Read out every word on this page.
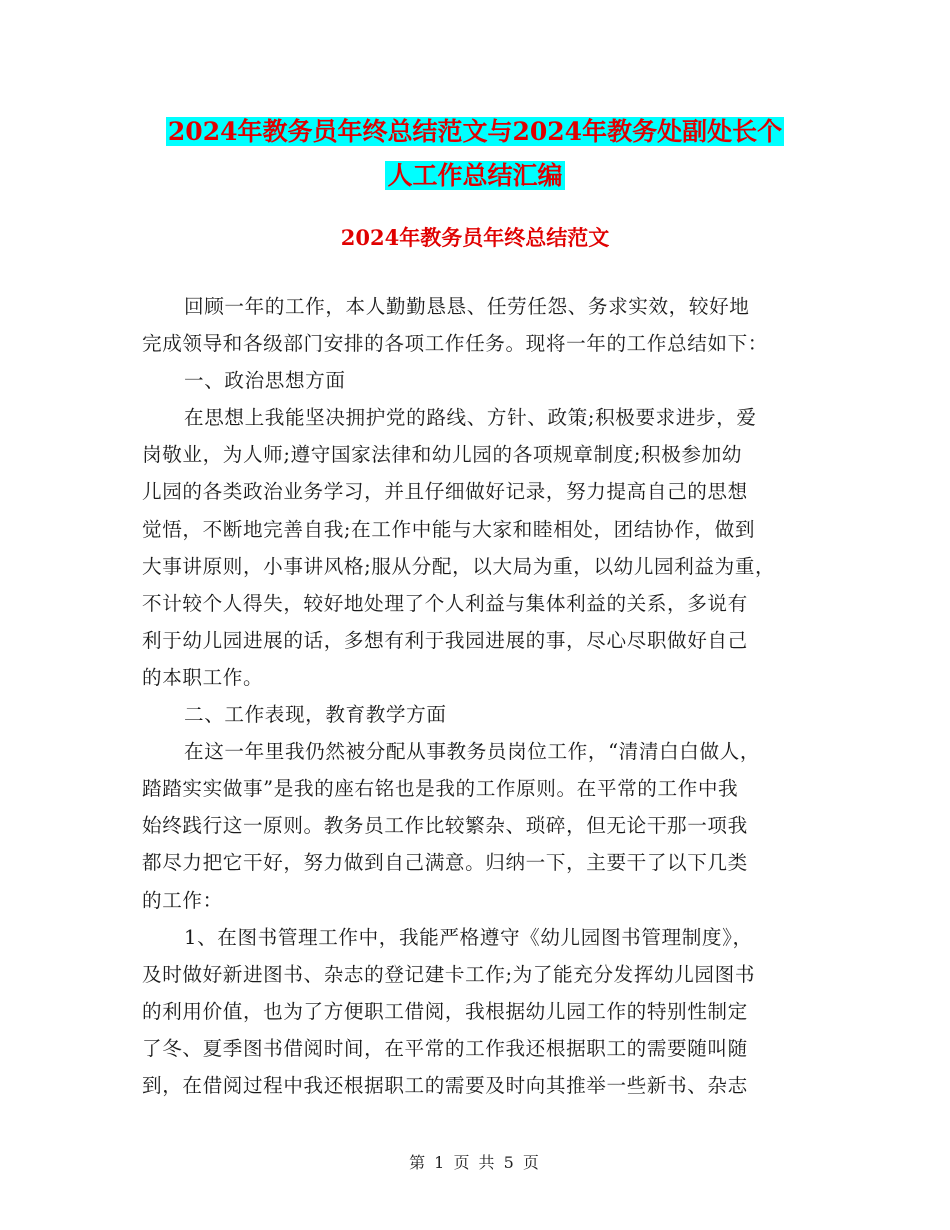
2024年教务员年终总结范文与2024年教务处副处长个
人工作总结汇编
2024年教务员年终总结范文
回顾一年的工作，本人勤勤恳恳、任劳任怨、务求实效，较好地
完成领导和各级部门安排的各项工作任务。现将一年的工作总结如下：
一、政治思想方面
在思想上我能坚决拥护党的路线、方针、政策;积极要求进步，爱
岗敬业，为人师;遵守国家法律和幼儿园的各项规章制度;积极参加幼
儿园的各类政治业务学习，并且仔细做好记录，努力提高自己的思想
觉悟，不断地完善自我;在工作中能与大家和睦相处，团结协作，做到
大事讲原则，小事讲风格;服从分配，以大局为重，以幼儿园利益为重，
不计较个人得失，较好地处理了个人利益与集体利益的关系，多说有
利于幼儿园进展的话，多想有利于我园进展的事，尽心尽职做好自己
的本职工作。
二、工作表现，教育教学方面
在这一年里我仍然被分配从事教务员岗位工作，“清清白白做人，
踏踏实实做事”是我的座右铭也是我的工作原则。在平常的工作中我
始终践行这一原则。教务员工作比较繁杂、琐碎，但无论干那一项我
都尽力把它干好，努力做到自己满意。归纳一下，主要干了以下几类
的工作：
1、在图书管理工作中，我能严格遵守《幼儿园图书管理制度》，
及时做好新进图书、杂志的登记建卡工作;为了能充分发挥幼儿园图书
的利用价值，也为了方便职工借阅，我根据幼儿园工作的特别性制定
了冬、夏季图书借阅时间，在平常的工作我还根据职工的需要随叫随
到，在借阅过程中我还根据职工的需要及时向其推举一些新书、杂志
第 1 页 共 5 页
